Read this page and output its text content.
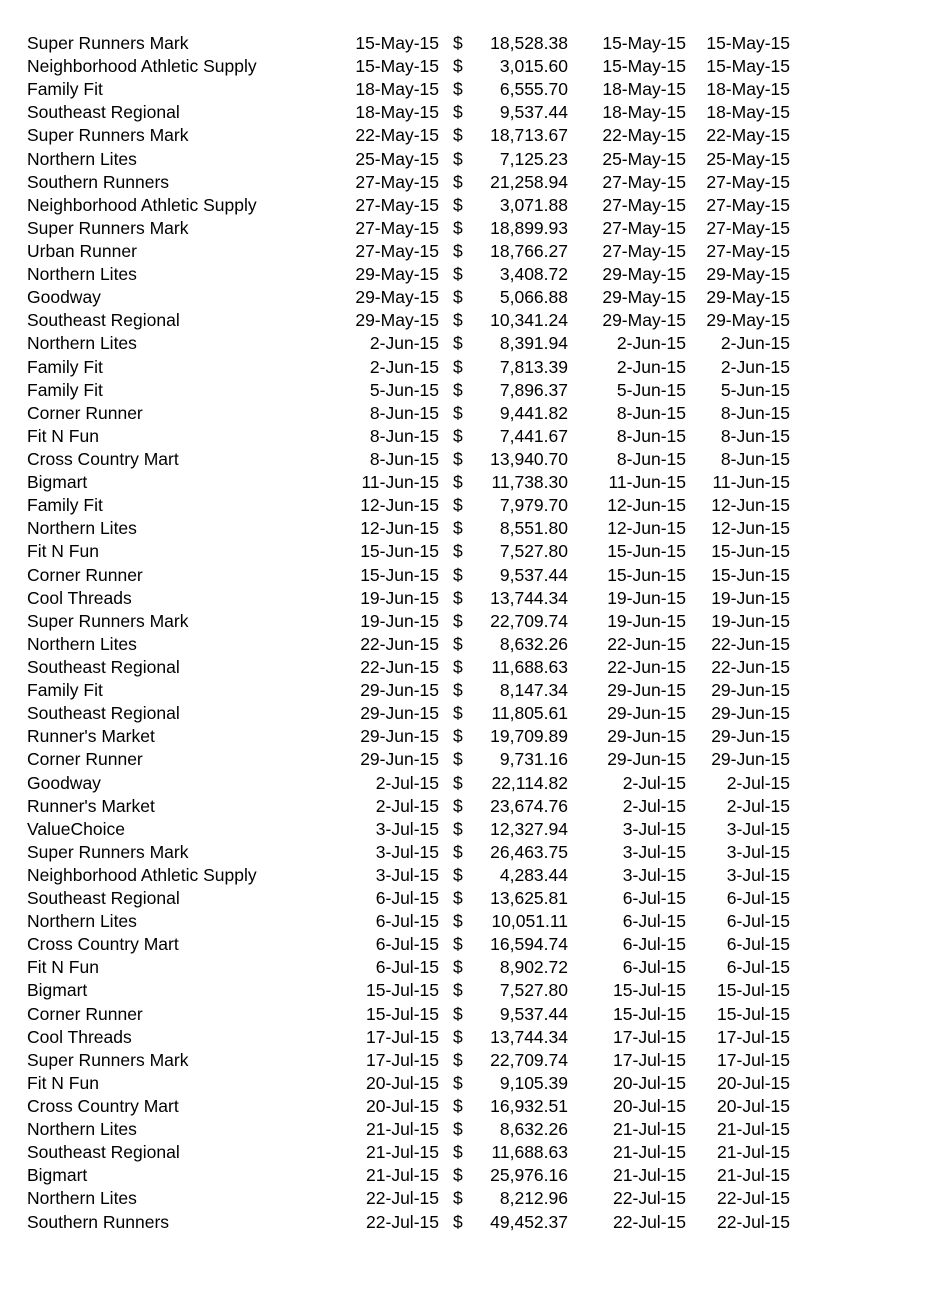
Super Runners Mark	15-May-15 $ 18,528.38 15-May-15 15-May-15
Neighborhood Athletic Supply	15-May-15 $ 3,015.60 15-May-15 15-May-15
Family Fit	18-May-15 $ 6,555.70 18-May-15 18-May-15
Southeast Regional	18-May-15 $ 9,537.44 18-May-15 18-May-15
Super Runners Mark	22-May-15 $ 18,713.67 22-May-15 22-May-15
Northern Lites	25-May-15 $ 7,125.23 25-May-15 25-May-15
Southern Runners	27-May-15 $ 21,258.94 27-May-15 27-May-15
Neighborhood Athletic Supply	27-May-15 $ 3,071.88 27-May-15 27-May-15
Super Runners Mark	27-May-15 $ 18,899.93 27-May-15 27-May-15
Urban Runner	27-May-15 $ 18,766.27 27-May-15 27-May-15
Northern Lites	29-May-15 $ 3,408.72 29-May-15 29-May-15
Goodway	29-May-15 $ 5,066.88 29-May-15 29-May-15
Southeast Regional	29-May-15 $ 10,341.24 29-May-15 29-May-15
Northern Lites	2-Jun-15 $ 8,391.94	2-Jun-15 2-Jun-15
Family Fit	2-Jun-15 $ 7,813.39	2-Jun-15 2-Jun-15
Family Fit	5-Jun-15 $ 7,896.37	5-Jun-15 5-Jun-15
Corner Runner	8-Jun-15 $ 9,441.82	8-Jun-15 8-Jun-15
Fit N Fun	8-Jun-15 $ 7,441.67	8-Jun-15 8-Jun-15
Cross Country Mart	8-Jun-15 $ 13,940.70	8-Jun-15 8-Jun-15
Bigmart	11-Jun-15 $ 11,738.30 11-Jun-15 11-Jun-15
Family Fit	12-Jun-15 $ 7,979.70 12-Jun-15 12-Jun-15
Northern Lites	12-Jun-15 $ 8,551.80 12-Jun-15 12-Jun-15
Fit N Fun	15-Jun-15 $ 7,527.80 15-Jun-15 15-Jun-15
Corner Runner	15-Jun-15 $ 9,537.44 15-Jun-15 15-Jun-15
Cool Threads	19-Jun-15 $ 13,744.34 19-Jun-15 19-Jun-15
Super Runners Mark	19-Jun-15 $ 22,709.74 19-Jun-15 19-Jun-15
Northern Lites	22-Jun-15 $ 8,632.26 22-Jun-15 22-Jun-15
Southeast Regional	22-Jun-15 $ 11,688.63 22-Jun-15 22-Jun-15
Family Fit	29-Jun-15 $ 8,147.34 29-Jun-15 29-Jun-15
Southeast Regional	29-Jun-15 $ 11,805.61 29-Jun-15 29-Jun-15
Runner's Market	29-Jun-15 $ 19,709.89 29-Jun-15 29-Jun-15
Corner Runner	29-Jun-15 $ 9,731.16 29-Jun-15 29-Jun-15
Goodway	2-Jul-15 $ 22,114.82	2-Jul-15 2-Jul-15
Runner's Market	2-Jul-15 $ 23,674.76	2-Jul-15 2-Jul-15
ValueChoice	3-Jul-15 $ 12,327.94	3-Jul-15 3-Jul-15
Super Runners Mark	3-Jul-15 $ 26,463.75	3-Jul-15 3-Jul-15
Neighborhood Athletic Supply	3-Jul-15 $ 4,283.44	3-Jul-15 3-Jul-15
Southeast Regional	6-Jul-15 $ 13,625.81	6-Jul-15 6-Jul-15
Northern Lites	6-Jul-15 $ 10,051.11	6-Jul-15 6-Jul-15
Cross Country Mart	6-Jul-15 $ 16,594.74	6-Jul-15 6-Jul-15
Fit N Fun	6-Jul-15 $ 8,902.72	6-Jul-15 6-Jul-15
Bigmart	15-Jul-15 $ 7,527.80	15-Jul-15 15-Jul-15
Corner Runner	15-Jul-15 $ 9,537.44	15-Jul-15 15-Jul-15
Cool Threads	17-Jul-15 $ 13,744.34	17-Jul-15 17-Jul-15
Super Runners Mark	17-Jul-15 $ 22,709.74	17-Jul-15 17-Jul-15
Fit N Fun	20-Jul-15 $ 9,105.39	20-Jul-15 20-Jul-15
Cross Country Mart	20-Jul-15 $ 16,932.51	20-Jul-15 20-Jul-15
Northern Lites	21-Jul-15 $ 8,632.26	21-Jul-15 21-Jul-15
Southeast Regional	21-Jul-15 $ 11,688.63	21-Jul-15 21-Jul-15
Bigmart	21-Jul-15 $ 25,976.16	21-Jul-15 21-Jul-15
Northern Lites	22-Jul-15 $ 8,212.96	22-Jul-15 22-Jul-15
Southern Runners	22-Jul-15 $ 49,452.37	22-Jul-15 22-Jul-15
